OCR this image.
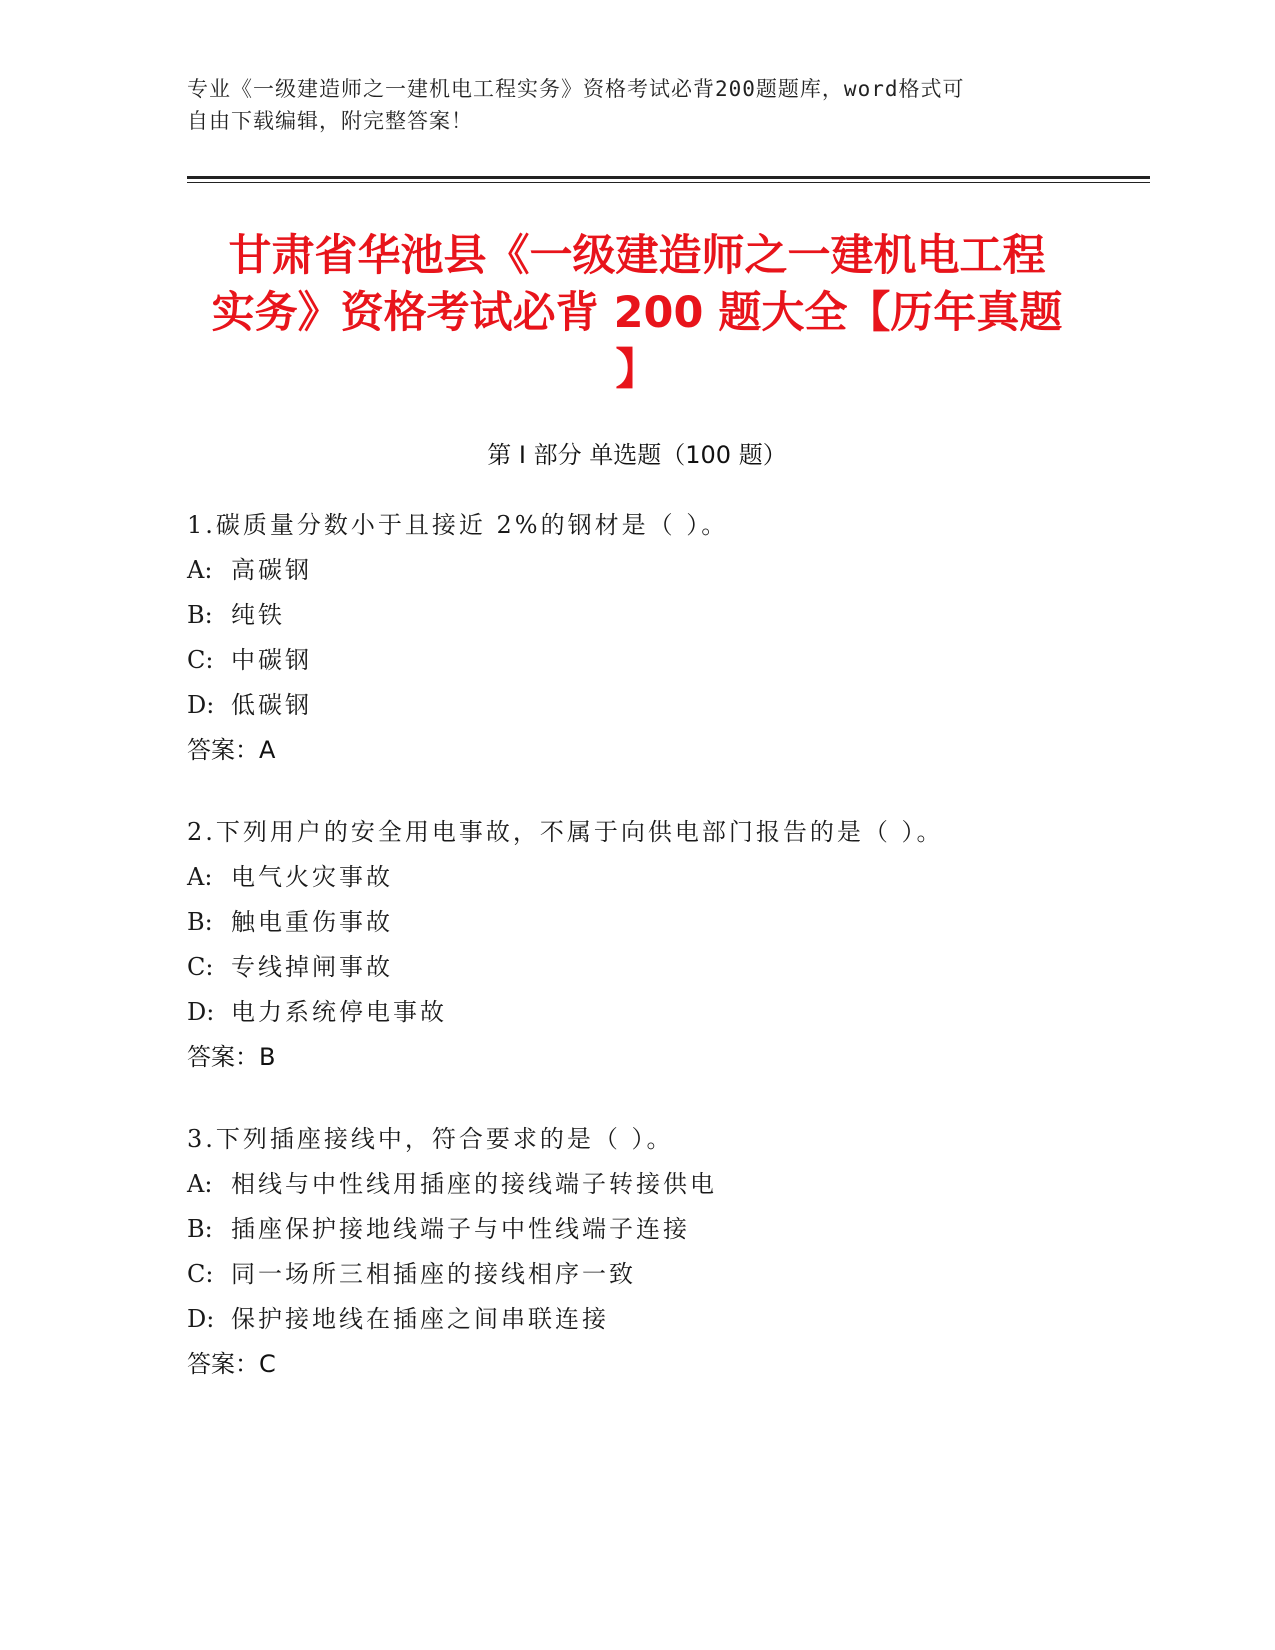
专业《一级建造师之一建机电工程实务》资格考试必背200题题库，word格式可
自由下载编辑，附完整答案！
甘肃省华池县《一级建造师之一建机电工程
实务》资格考试必背 200 题大全【历年真题
】
第 I 部分 单选题（100 题）
1.碳质量分数小于且接近 2%的钢材是（ ）。
A: 高碳钢
B: 纯铁
C: 中碳钢
D: 低碳钢
答案：A
2.下列用户的安全用电事故，不属于向供电部门报告的是（ ）。
A: 电气火灾事故
B: 触电重伤事故
C: 专线掉闸事故
D: 电力系统停电事故
答案：B
3.下列插座接线中，符合要求的是（ ）。
A: 相线与中性线用插座的接线端子转接供电
B: 插座保护接地线端子与中性线端子连接
C: 同一场所三相插座的接线相序一致
D: 保护接地线在插座之间串联连接
答案：C
